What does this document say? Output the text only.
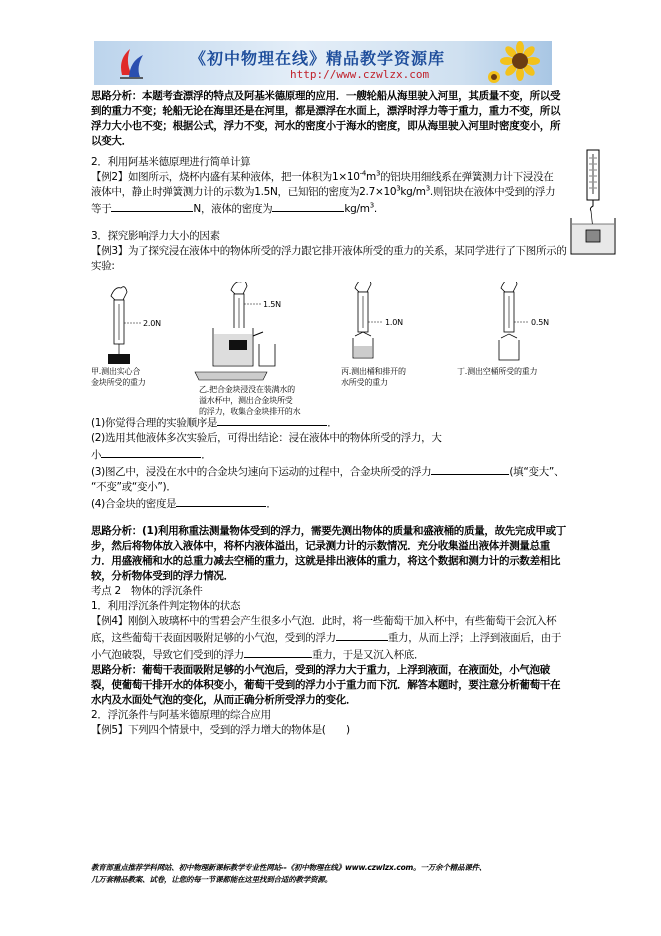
《初中物理在线》精品教学资源库
http://www.czwlzx.com

思路分析：本题考查漂浮的特点及阿基米德原理的应用．一艘轮船从海里驶入河里，其质量不变，所以受到的重力不变；轮船无论在海里还是在河里，都是漂浮在水面上，漂浮时浮力等于重力，重力不变，所以浮力大小也不变；根据公式，浮力不变，河水的密度小于海水的密度，即从海里驶入河里时密度变小，所以变大．

2．利用阿基米德原理进行简单计算

【例2】如图所示，烧杯内盛有某种液体，把一体积为$1\times 10^{-4}m^3$的铝块用细线系在弹簧测力计下浸没在液体中，静止时弹簧测力计的示数为1.5N，已知铝的密度为$2.7\times 10^3kg/m^3$.则铝块在液体中受到的浮力等于	N，液体的密度为	$kg/m^3$.

3．探究影响浮力大小的因素

【例3】为了探究浸在液体中的物体所受的浮力跟它排开液体所受的重力的关系，某同学进行了下图所示的实验:

2.0N
1.5N
1.0N	0.5N
甲.测出实心合
金块所受的重力
乙.把合金块浸没在装满水的
溢水杯中，测出合金块所受
的浮力，收集合金块排开的水
丙.测出桶和排开的
水所受的重力
丁.测出空桶所受的重力

(1)你觉得合理的实验顺序是	．

(2)选用其他液体多次实验后，可得出结论：浸在液体中的物体所受的浮力，大
小	．

(3)图乙中，浸没在水中的合金块匀速向下运动的过程中，合金块所受的浮力	(填“变大”、
“不变”或“变小”)．

(4)合金块的密度是	．

思路分析：(1)利用称重法测量物体受到的浮力，需要先测出物体的质量和盛液桶的质量，故先完成甲或丁步，然后将物体放入液体中，将杯内液体溢出，记录测力计的示数情况．充分收集溢出液体并测量总重力．用盛液桶和水的总重力减去空桶的重力，这就是排出液体的重力，将这个数据和测力计的示数差相比较，分析物体受到的浮力情况．

考点 2　物体的浮沉条件

1．利用浮沉条件判定物体的状态

【例4】刚倒入玻璃杯中的雪碧会产生很多小气泡．此时，将一些葡萄干加入杯中，有些葡萄干会沉入杯底，这些葡萄干表面因吸附足够的小气泡，受到的浮力	重力，从而上浮；上浮到液面后，由于小气泡破裂，导致它们受到的浮力	重力，于是又沉入杯底．

思路分析：葡萄干表面吸附足够的小气泡后，受到的浮力大于重力，上浮到液面，在液面处，小气泡破裂，使葡萄干排开水的体积变小，葡萄干受到的浮力小于重力而下沉．解答本题时，要注意分析葡萄干在水内及水面处气泡的变化，从而正确分析所受浮力的变化．

2．浮沉条件与阿基米德原理的综合应用

【例5】下列四个情景中，受到的浮力增大的物体是(　　)

教育部重点推荐学科网站、初中物理新课标教学专业性网站--《初中物理在线》www.czwlzx.com。一万余个精品课件、
几万套精品教案、试卷，让您的每一节课都能在这里找到合适的教学资源。
